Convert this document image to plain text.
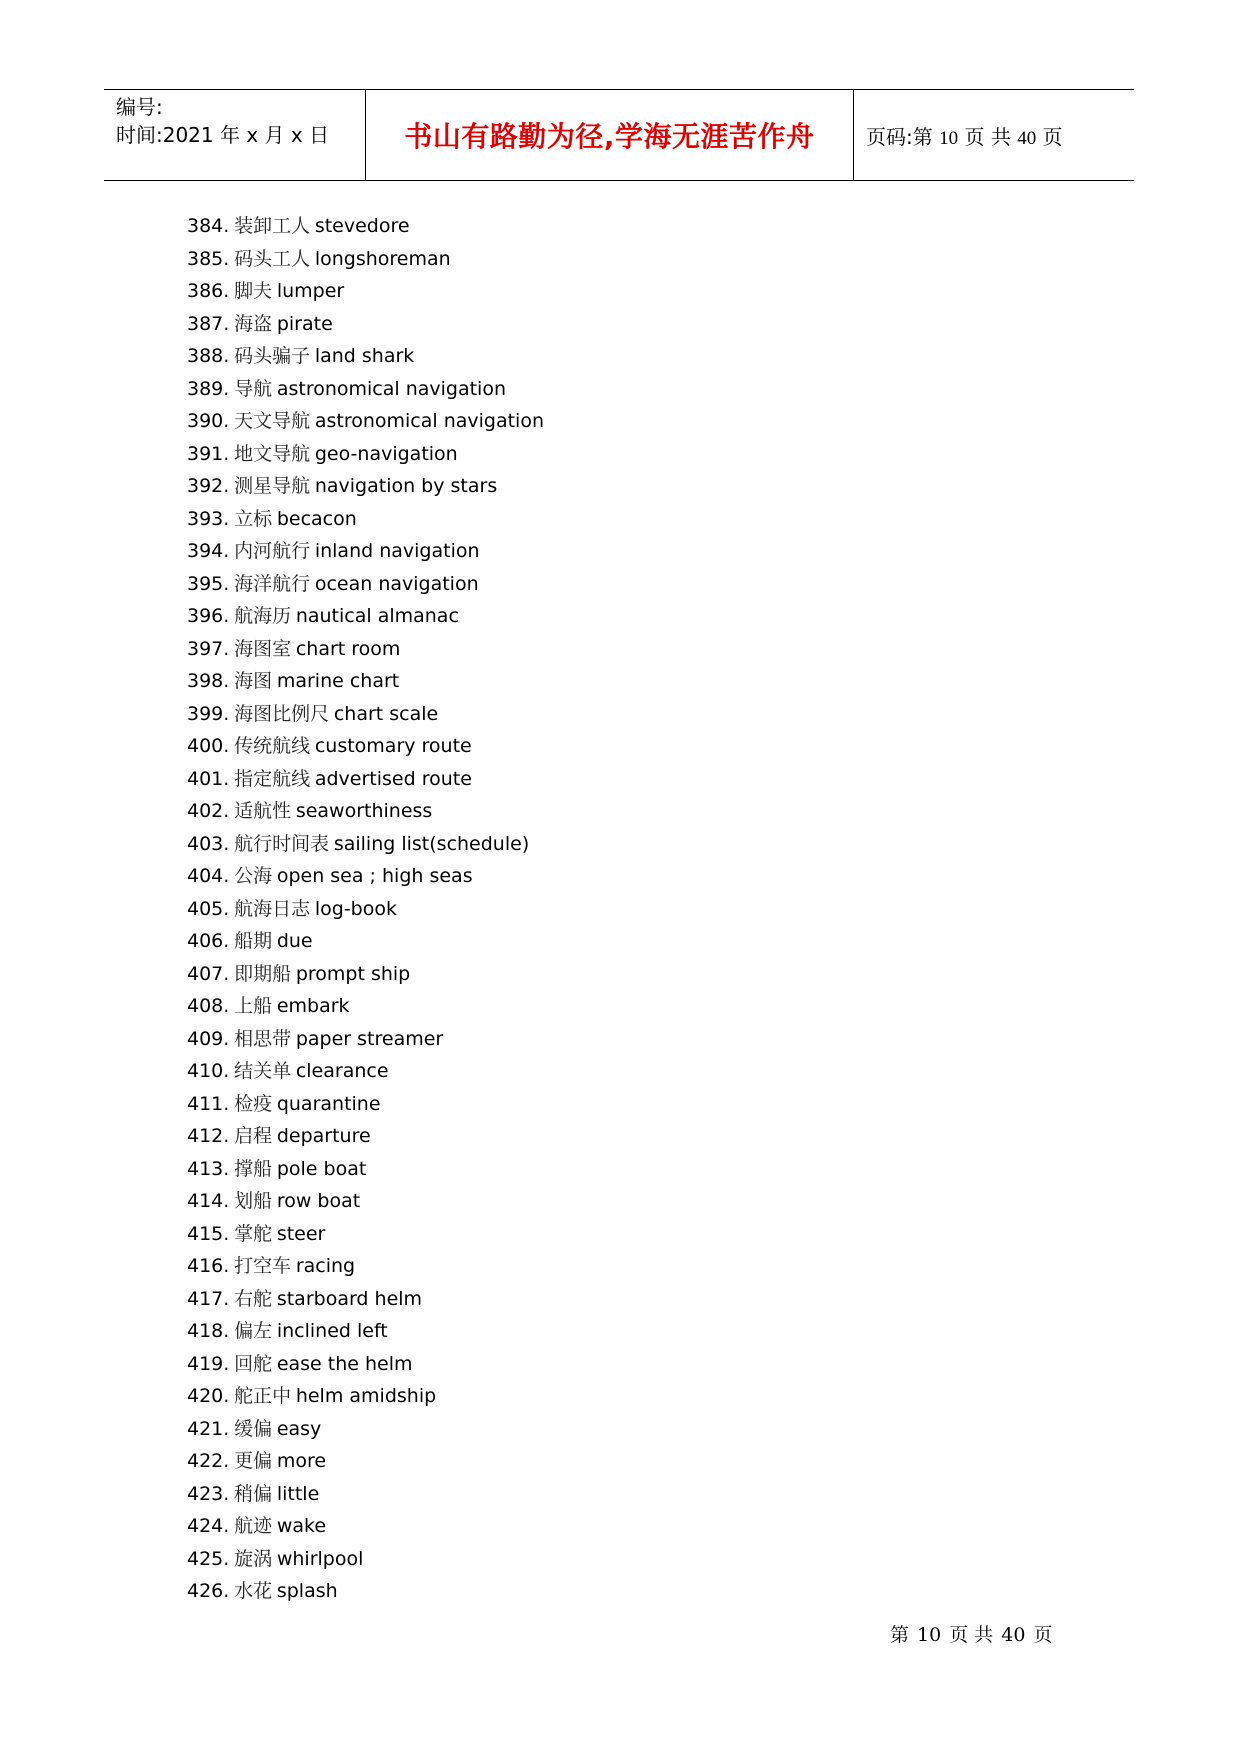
编号:
时间:2021 年 x 月 x 日	书山有路勤为径,学海无涯苦作舟	页码:第 10 页 共 40 页
384. 装卸工人 stevedore
385. 码头工人 longshoreman
386. 脚夫 lumper
387. 海盗 pirate
388. 码头骗子 land shark
389. 导航 astronomical navigation
390. 天文导航 astronomical navigation
391. 地文导航 geo-navigation
392. 测星导航 navigation by stars
393. 立标 becacon
394. 内河航行 inland navigation
395. 海洋航行 ocean navigation
396. 航海历 nautical almanac
397. 海图室 chart room
398. 海图 marine chart
399. 海图比例尺 chart scale
400. 传统航线 customary route
401. 指定航线 advertised route
402. 适航性 seaworthiness
403. 航行时间表 sailing list(schedule)
404. 公海 open sea ; high seas
405. 航海日志 log-book
406. 船期 due
407. 即期船 prompt ship
408. 上船 embark
409. 相思带 paper streamer
410. 结关单 clearance
411. 检疫 quarantine
412. 启程 departure
413. 撑船 pole boat
414. 划船 row boat
415. 掌舵 steer
416. 打空车 racing
417. 右舵 starboard helm
418. 偏左 inclined left
419. 回舵 ease the helm
420. 舵正中 helm amidship
421. 缓偏 easy
422. 更偏 more
423. 稍偏 little
424. 航迹 wake
425. 旋涡 whirlpool
426. 水花 splash
第 10 页 共 40 页
